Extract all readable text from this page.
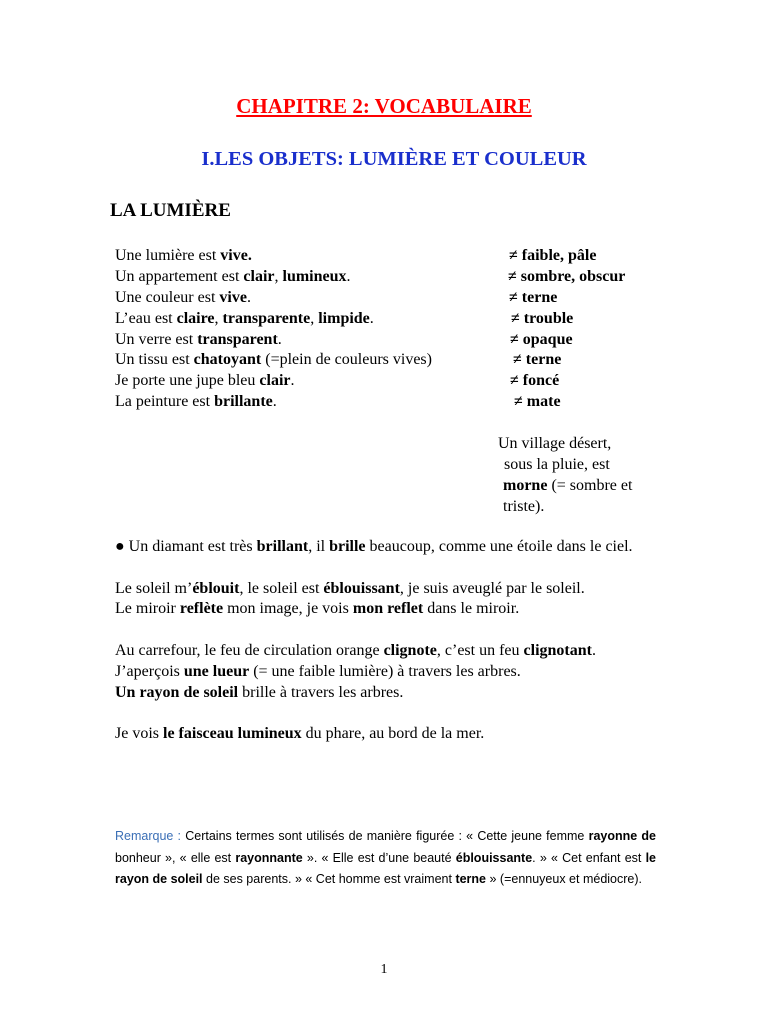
CHAPITRE 2: VOCABULAIRE
I.LES OBJETS: LUMIÈRE ET COULEUR
LA LUMIÈRE
Une lumière est vive.	≠ faible, pâle
Un appartement est clair, lumineux.	≠ sombre, obscur
Une couleur est vive.	≠ terne
L’eau est claire, transparente, limpide.	≠ trouble
Un verre est transparent.	≠ opaque
Un tissu est chatoyant (=plein de couleurs vives)	≠ terne
Je porte une jupe bleu clair.	≠ foncé
La peinture est brillante.	≠ mate
Un village désert,
sous la pluie, est
morne (= sombre et
triste).
● Un diamant est très brillant, il brille beaucoup, comme une étoile dans le ciel.
Le soleil m’éblouit, le soleil est éblouissant, je suis aveuglé par le soleil.
Le miroir reflète mon image, je vois mon reflet dans le miroir.
Au carrefour, le feu de circulation orange clignote, c’est un feu clignotant.
J’aperçois une lueur (= une faible lumière) à travers les arbres.
Un rayon de soleil brille à travers les arbres.
Je vois le faisceau lumineux du phare, au bord de la mer.
Remarque : Certains termes sont utilisés de manière figurée : « Cette jeune femme rayonne de bonheur », « elle est rayonnante ». « Elle est d’une beauté éblouissante. » « Cet enfant est le rayon de soleil de ses parents. » « Cet homme est vraiment terne » (=ennuyeux et médiocre).
1
